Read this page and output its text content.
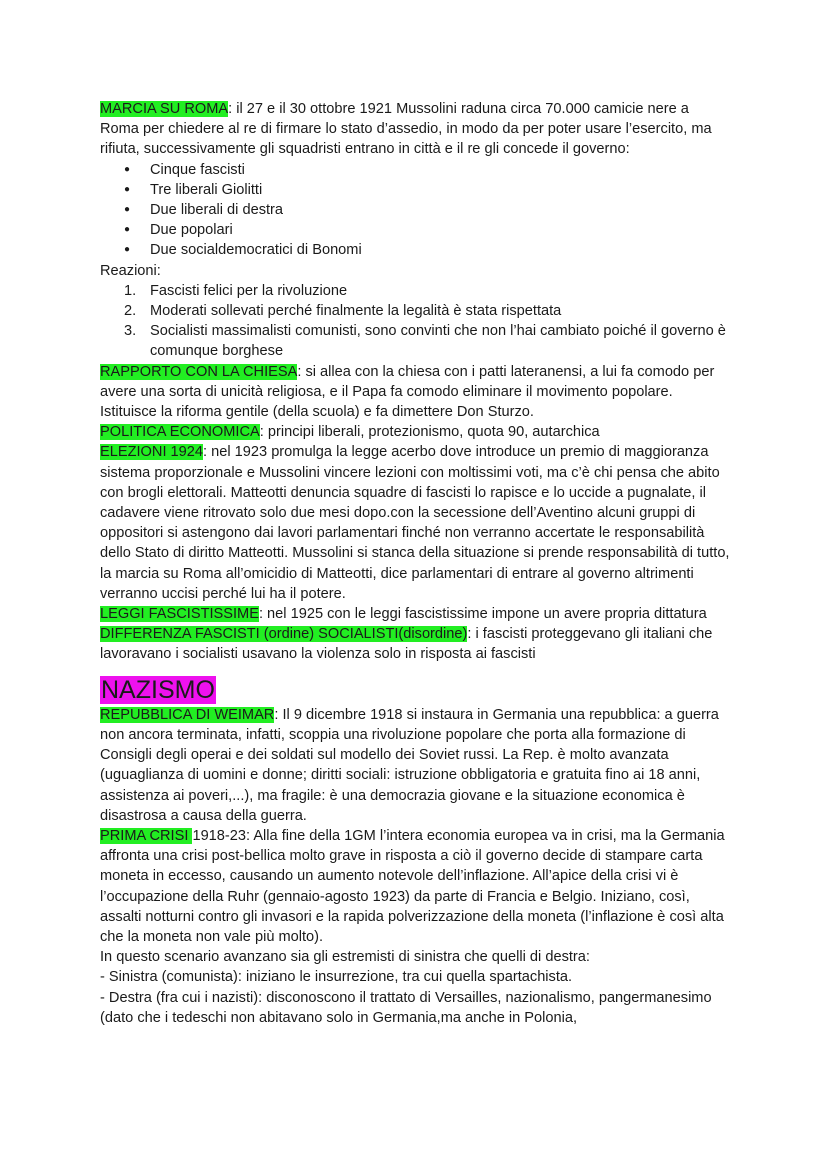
MARCIA SU ROMA: il 27 e il 30 ottobre 1921 Mussolini raduna circa 70.000 camicie nere a Roma per chiedere al re di firmare lo stato d’assedio, in modo da per poter usare l’esercito, ma rifiuta, successivamente gli squadristi entrano in città e il re gli concede il governo:

● Cinque fascisti
● Tre liberali Giolitti
● Due liberali di destra
● Due popolari
● Due socialdemocratici di Bonomi

Reazioni:

1. Fascisti felici per la rivoluzione
2. Moderati sollevati perché finalmente la legalità è stata rispettata
3. Socialisti massimalisti comunisti, sono convinti che non l’hai cambiato poiché il governo è comunque borghese

RAPPORTO CON LA CHIESA: si allea con la chiesa con i patti lateranensi, a lui fa comodo per avere una sorta di unicità religiosa, e il Papa fa comodo eliminare il movimento popolare. Istituisce la riforma gentile (della scuola) e fa dimettere Don Sturzo.

POLITICA ECONOMICA: principi liberali, protezionismo, quota 90, autarchica

ELEZIONI 1924: nel 1923 promulga la legge acerbo dove introduce un premio di maggioranza sistema proporzionale e Mussolini vincere lezioni con moltissimi voti, ma c’è chi pensa che abito con brogli elettorali. Matteotti denuncia squadre di fascisti lo rapisce e lo uccide a pugnalate, il cadavere viene ritrovato solo due mesi dopo.con la secessione dell’Aventino alcuni gruppi di oppositori si astengono dai lavori parlamentari finché non verranno accertate le responsabilità dello Stato di diritto Matteotti. Mussolini si stanca della situazione si prende responsabilità di tutto, la marcia su Roma all’omicidio di Matteotti, dice parlamentari di entrare al governo altrimenti verranno uccisi perché lui ha il potere.

LEGGI FASCISTISSIME: nel 1925 con le leggi fascistissime impone un avere propria dittatura

DIFFERENZA FASCISTI (ordine) SOCIALISTI(disordine): i fascisti proteggevano gli italiani che lavoravano i socialisti usavano la violenza solo in risposta ai fascisti

NAZISMO

REPUBBLICA DI WEIMAR: Il 9 dicembre 1918 si instaura in Germania una repubblica: a guerra non ancora terminata, infatti, scoppia una rivoluzione popolare che porta alla formazione di Consigli degli operai e dei soldati sul modello dei Soviet russi. La Rep. è molto avanzata (uguaglianza di uomini e donne; diritti sociali: istruzione obbligatoria e gratuita fino ai 18 anni, assistenza ai poveri,...), ma fragile: è una democrazia giovane e la situazione economica è disastrosa a causa della guerra.

PRIMA CRISI 1918-23: Alla fine della 1GM l’intera economia europea va in crisi, ma la Germania affronta una crisi post-bellica molto grave in risposta a ciò il governo decide di stampare carta moneta in eccesso, causando un aumento notevole dell’inflazione. All’apice della crisi vi è l’occupazione della Ruhr (gennaio-agosto 1923) da parte di Francia e Belgio. Iniziano, così, assalti notturni contro gli invasori e la rapida polverizzazione della moneta (l’inflazione è così alta che la moneta non vale più molto).

In questo scenario avanzano sia gli estremisti di sinistra che quelli di destra:

- Sinistra (comunista): iniziano le insurrezione, tra cui quella spartachista.

- Destra (fra cui i nazisti): disconoscono il trattato di Versailles, nazionalismo, pangermanesimo (dato che i tedeschi non abitavano solo in Germania,ma anche in Polonia,
